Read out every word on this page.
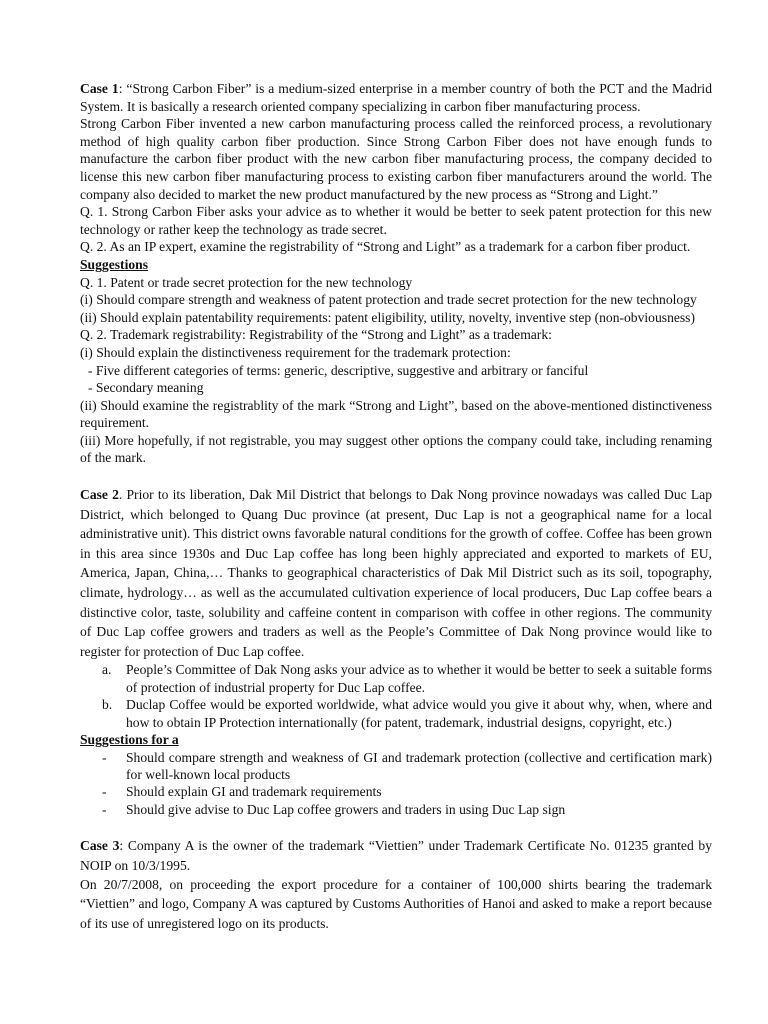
Case 1: “Strong Carbon Fiber” is a medium-sized enterprise in a member country of both the PCT and the Madrid System. It is basically a research oriented company specializing in carbon fiber manufacturing process.

Strong Carbon Fiber invented a new carbon manufacturing process called the reinforced process, a revolutionary method of high quality carbon fiber production. Since Strong Carbon Fiber does not have enough funds to manufacture the carbon fiber product with the new carbon fiber manufacturing process, the company decided to license this new carbon fiber manufacturing process to existing carbon fiber manufacturers around the world. The company also decided to market the new product manufactured by the new process as “Strong and Light.”

Q. 1. Strong Carbon Fiber asks your advice as to whether it would be better to seek patent protection for this new technology or rather keep the technology as trade secret.

Q. 2. As an IP expert, examine the registrability of “Strong and Light” as a trademark for a carbon fiber product.

Suggestions

Q. 1. Patent or trade secret protection for the new technology

(i) Should compare strength and weakness of patent protection and trade secret protection for the new technology

(ii) Should explain patentability requirements: patent eligibility, utility, novelty, inventive step (non-obviousness)

Q. 2. Trademark registrability: Registrability of the “Strong and Light” as a trademark:

(i) Should explain the distinctiveness requirement for the trademark protection:

- Five different categories of terms: generic, descriptive, suggestive and arbitrary or fanciful

- Secondary meaning

(ii) Should examine the registrablity of the mark “Strong and Light”, based on the above-mentioned distinctiveness requirement.

(iii) More hopefully, if not registrable, you may suggest other options the company could take, including renaming of the mark.

Case 2. Prior to its liberation, Dak Mil District that belongs to Dak Nong province nowadays was called Duc Lap District, which belonged to Quang Duc province (at present, Duc Lap is not a geographical name for a local administrative unit). This district owns favorable natural conditions for the growth of coffee. Coffee has been grown in this area since 1930s and Duc Lap coffee has long been highly appreciated and exported to markets of EU, America, Japan, China,… Thanks to geographical characteristics of Dak Mil District such as its soil, topography, climate, hydrology… as well as the accumulated cultivation experience of local producers, Duc Lap coffee bears a distinctive color, taste, solubility and caffeine content in comparison with coffee in other regions. The community of Duc Lap coffee growers and traders as well as the People’s Committee of Dak Nong province would like to register for protection of Duc Lap coffee.

a. People’s Committee of Dak Nong asks your advice as to whether it would be better to seek a suitable forms of protection of industrial property for Duc Lap coffee.
b. Duclap Coffee would be exported worldwide, what advice would you give it about why, when, where and how to obtain IP Protection internationally (for patent, trademark, industrial designs, copyright, etc.)

Suggestions for a

- Should compare strength and weakness of GI and trademark protection (collective and certification mark) for well-known local products
- Should explain GI and trademark requirements
- Should give advise to Duc Lap coffee growers and traders in using Duc Lap sign

Case 3: Company A is the owner of the trademark “Viettien” under Trademark Certificate No. 01235 granted by NOIP on 10/3/1995.

On 20/7/2008, on proceeding the export procedure for a container of 100,000 shirts bearing the trademark “Viettien” and logo, Company A was captured by Customs Authorities of Hanoi and asked to make a report because of its use of unregistered logo on its products.
